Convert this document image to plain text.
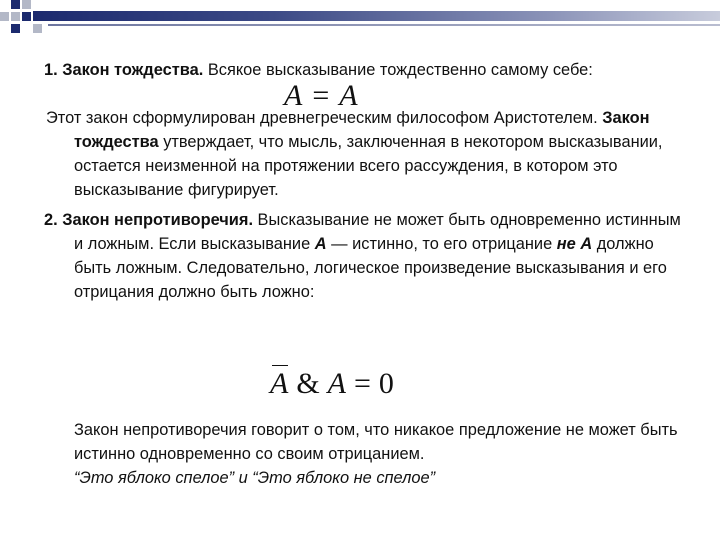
1. Закон тождества. Всякое высказывание тождественно самому себе:

Этот закон сформулирован древнегреческим философом Аристотелем. Закон тождества утверждает, что мысль, заключенная в некотором высказывании, остается неизменной на протяжении всего рассуждения, в котором это высказывание фигурирует.

2. Закон непротиворечия. Высказывание не может быть одновременно истинным и ложным. Если высказывание A — истинно, то его отрицание не A должно быть ложным. Следовательно, логическое произведение высказывания и его отрицания должно быть ложно:

A = A
A & A = 0

Закон непротиворечия говорит о том, что никакое предложение не может быть истинно одновременно со своим отрицанием.

“Это яблоко спелое” и “Это яблоко не спелое”
